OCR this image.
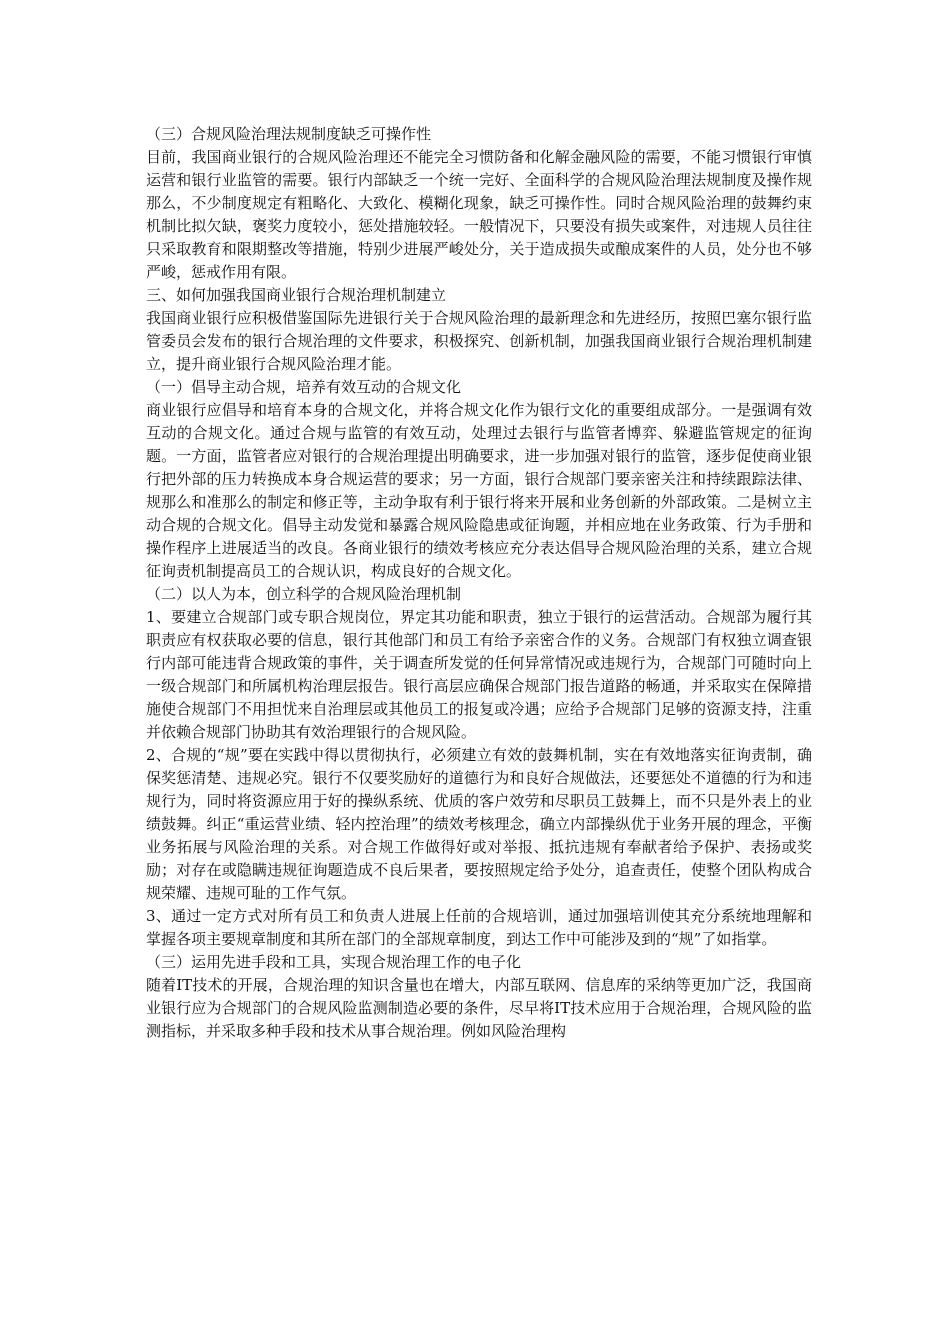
（三）合规风险治理法规制度缺乏可操作性

目前，我国商业银行的合规风险治理还不能完全习惯防备和化解金融风险的需要，不能习惯银行审慎运营和银行业监管的需要。银行内部缺乏一个统一完好、全面科学的合规风险治理法规制度及操作规那么，不少制度规定有粗略化、大致化、模糊化现象，缺乏可操作性。同时合规风险治理的鼓舞约束机制比拟欠缺，褒奖力度较小，惩处措施较轻。一般情况下，只要没有损失或案件，对违规人员往往只采取教育和限期整改等措施，特别少进展严峻处分，关于造成损失或酿成案件的人员，处分也不够严峻，惩戒作用有限。

三、如何加强我国商业银行合规治理机制建立

我国商业银行应积极借鉴国际先进银行关于合规风险治理的最新理念和先进经历，按照巴塞尔银行监管委员会发布的银行合规治理的文件要求，积极探究、创新机制，加强我国商业银行合规治理机制建立，提升商业银行合规风险治理才能。

（一）倡导主动合规，培养有效互动的合规文化

商业银行应倡导和培育本身的合规文化，并将合规文化作为银行文化的重要组成部分。一是强调有效互动的合规文化。通过合规与监管的有效互动，处理过去银行与监管者博弈、躲避监管规定的征询题。一方面，监管者应对银行的合规治理提出明确要求，进一步加强对银行的监管，逐步促使商业银行把外部的压力转换成本身合规运营的要求；另一方面，银行合规部门要亲密关注和持续跟踪法律、规那么和准那么的制定和修正等，主动争取有利于银行将来开展和业务创新的外部政策。二是树立主动合规的合规文化。倡导主动发觉和暴露合规风险隐患或征询题，并相应地在业务政策、行为手册和操作程序上进展适当的改良。各商业银行的绩效考核应充分表达倡导合规风险治理的关系，建立合规征询责机制提高员工的合规认识，构成良好的合规文化。

（二）以人为本，创立科学的合规风险治理机制

1、要建立合规部门或专职合规岗位，界定其功能和职责，独立于银行的运营活动。合规部为履行其职责应有权获取必要的信息，银行其他部门和员工有给予亲密合作的义务。合规部门有权独立调查银行内部可能违背合规政策的事件，关于调查所发觉的任何异常情况或违规行为，合规部门可随时向上一级合规部门和所属机构治理层报告。银行高层应确保合规部门报告道路的畅通，并采取实在保障措施使合规部门不用担忧来自治理层或其他员工的报复或冷遇；应给予合规部门足够的资源支持，注重并依赖合规部门协助其有效治理银行的合规风险。

2、合规的“规”要在实践中得以贯彻执行，必须建立有效的鼓舞机制，实在有效地落实征询责制，确保奖惩清楚、违规必究。银行不仅要奖励好的道德行为和良好合规做法，还要惩处不道德的行为和违规行为，同时将资源应用于好的操纵系统、优质的客户效劳和尽职员工鼓舞上，而不只是外表上的业绩鼓舞。纠正“重运营业绩、轻内控治理”的绩效考核理念，确立内部操纵优于业务开展的理念，平衡业务拓展与风险治理的关系。对合规工作做得好或对举报、抵抗违规有奉献者给予保护、表扬或奖励；对存在或隐瞒违规征询题造成不良后果者，要按照规定给予处分，追查责任，使整个团队构成合规荣耀、违规可耻的工作气氛。

3、通过一定方式对所有员工和负责人进展上任前的合规培训，通过加强培训使其充分系统地理解和掌握各项主要规章制度和其所在部门的全部规章制度，到达工作中可能涉及到的“规”了如指掌。

（三）运用先进手段和工具，实现合规治理工作的电子化

随着IT技术的开展，合规治理的知识含量也在增大，内部互联网、信息库的采纳等更加广泛，我国商业银行应为合规部门的合规风险监测制造必要的条件，尽早将IT技术应用于合规治理，合规风险的监测指标，并采取多种手段和技术从事合规治理。例如风险治理构
